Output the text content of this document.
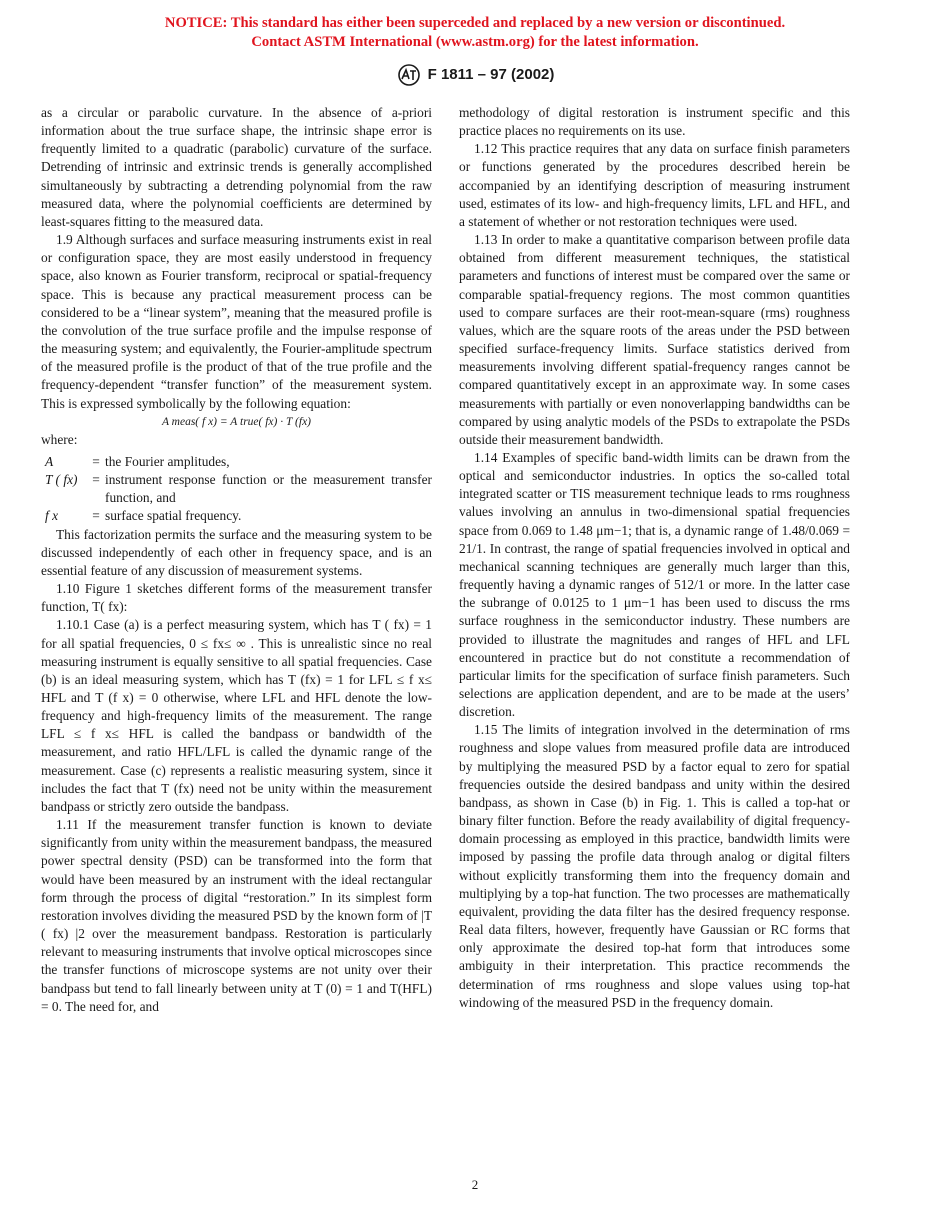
NOTICE: This standard has either been superceded and replaced by a new version or discontinued.
Contact ASTM International (www.astm.org) for the latest information.
F 1811 – 97 (2002)

as a circular or parabolic curvature. In the absence of a-priori information about the true surface shape, the intrinsic shape error is frequently limited to a quadratic (parabolic) curvature of the surface. Detrending of intrinsic and extrinsic trends is generally accomplished simultaneously by subtracting a detrending polynomial from the raw measured data, where the polynomial coefficients are determined by least-squares fitting to the measured data.

1.9 Although surfaces and surface measuring instruments exist in real or configuration space, they are most easily understood in frequency space, also known as Fourier transform, reciprocal or spatial-frequency space. This is because any practical measurement process can be considered to be a “linear system”, meaning that the measured profile is the convolution of the true surface profile and the impulse response of the measuring system; and equivalently, the Fourier-amplitude spectrum of the measured profile is the product of that of the true profile and the frequency-dependent “transfer function” of the measurement system. This is expressed symbolically by the following equation:

A meas( f x) = A true( fx) · T (fx)

where:

A	=	the Fourier amplitudes,
T ( fx)	=	instrument response function or the measurement transfer function, and
f x	=	surface spatial frequency.

This factorization permits the surface and the measuring system to be discussed independently of each other in frequency space, and is an essential feature of any discussion of measurement systems.

1.10 Figure 1 sketches different forms of the measurement transfer function, T( fx):

1.10.1 Case (a) is a perfect measuring system, which has T ( fx) = 1 for all spatial frequencies, 0 ≤ fx≤ ∞ . This is unrealistic since no real measuring instrument is equally sensitive to all spatial frequencies. Case (b) is an ideal measuring system, which has T (fx) = 1 for LFL ≤ f x≤ HFL and T (f x) = 0 otherwise, where LFL and HFL denote the low-frequency and high-frequency limits of the measurement. The range LFL ≤ f x≤ HFL is called the bandpass or bandwidth of the measurement, and ratio HFL/LFL is called the dynamic range of the measurement. Case (c) represents a realistic measuring system, since it includes the fact that T (fx) need not be unity within the measurement bandpass or strictly zero outside the bandpass.

1.11 If the measurement transfer function is known to deviate significantly from unity within the measurement bandpass, the measured power spectral density (PSD) can be transformed into the form that would have been measured by an instrument with the ideal rectangular form through the process of digital “restoration.” In its simplest form restoration involves dividing the measured PSD by the known form of |T ( fx) |2 over the measurement bandpass. Restoration is particularly relevant to measuring instruments that involve optical microscopes since the transfer functions of microscope systems are not unity over their bandpass but tend to fall linearly between unity at T (0) = 1 and T(HFL) = 0. The need for, and

methodology of digital restoration is instrument specific and this practice places no requirements on its use.

1.12 This practice requires that any data on surface finish parameters or functions generated by the procedures described herein be accompanied by an identifying description of measuring instrument used, estimates of its low- and high-frequency limits, LFL and HFL, and a statement of whether or not restoration techniques were used.

1.13 In order to make a quantitative comparison between profile data obtained from different measurement techniques, the statistical parameters and functions of interest must be compared over the same or comparable spatial-frequency regions. The most common quantities used to compare surfaces are their root-mean-square (rms) roughness values, which are the square roots of the areas under the PSD between specified surface-frequency limits. Surface statistics derived from measurements involving different spatial-frequency ranges cannot be compared quantitatively except in an approximate way. In some cases measurements with partially or even nonoverlapping bandwidths can be compared by using analytic models of the PSDs to extrapolate the PSDs outside their measurement bandwidth.

1.14 Examples of specific band-width limits can be drawn from the optical and semiconductor industries. In optics the so-called total integrated scatter or TIS measurement technique leads to rms roughness values involving an annulus in two-dimensional spatial frequencies space from 0.069 to 1.48 μm−1; that is, a dynamic range of 1.48/0.069 = 21/1. In contrast, the range of spatial frequencies involved in optical and mechanical scanning techniques are generally much larger than this, frequently having a dynamic ranges of 512/1 or more. In the latter case the subrange of 0.0125 to 1 μm−1 has been used to discuss the rms surface roughness in the semiconductor industry. These numbers are provided to illustrate the magnitudes and ranges of HFL and LFL encountered in practice but do not constitute a recommendation of particular limits for the specification of surface finish parameters. Such selections are application dependent, and are to be made at the users’ discretion.

1.15 The limits of integration involved in the determination of rms roughness and slope values from measured profile data are introduced by multiplying the measured PSD by a factor equal to zero for spatial frequencies outside the desired bandpass and unity within the desired bandpass, as shown in Case (b) in Fig. 1. This is called a top-hat or binary filter function. Before the ready availability of digital frequency-domain processing as employed in this practice, bandwidth limits were imposed by passing the profile data through analog or digital filters without explicitly transforming them into the frequency domain and multiplying by a top-hat function. The two processes are mathematically equivalent, providing the data filter has the desired frequency response. Real data filters, however, frequently have Gaussian or RC forms that only approximate the desired top-hat form that introduces some ambiguity in their interpretation. This practice recommends the determination of rms roughness and slope values using top-hat windowing of the measured PSD in the frequency domain.

2
